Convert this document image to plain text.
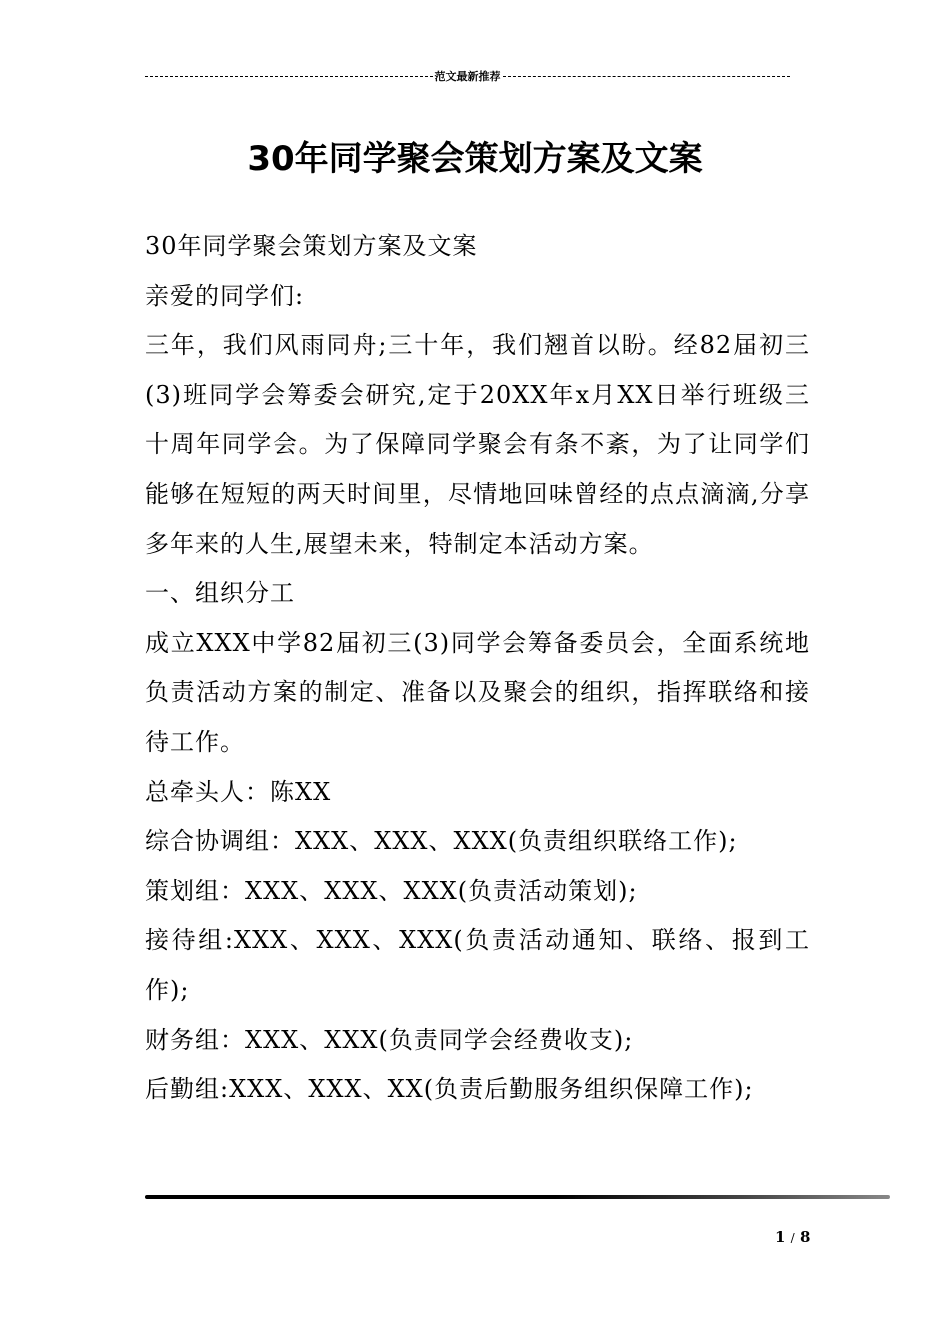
范文最新推荐
30年同学聚会策划方案及文案

30年同学聚会策划方案及文案

亲爱的同学们:

三年，我们风雨同舟;三十年，我们翘首以盼。经82届初三(3)班同学会筹委会研究,定于20XX年x月XX日举行班级三十周年同学会。为了保障同学聚会有条不紊，为了让同学们能够在短短的两天时间里，尽情地回味曾经的点点滴滴,分享多年来的人生,展望未来，特制定本活动方案。

一、组织分工

成立XXX中学82届初三(3)同学会筹备委员会，全面系统地负责活动方案的制定、准备以及聚会的组织，指挥联络和接待工作。

总牵头人：陈XX

综合协调组：XXX、XXX、XXX(负责组织联络工作);

策划组：XXX、XXX、XXX(负责活动策划);

接待组:XXX、XXX、XXX(负责活动通知、联络、报到工作);

财务组：XXX、XXX(负责同学会经费收支);

后勤组:XXX、XXX、XX(负责后勤服务组织保障工作);

1 / 8
